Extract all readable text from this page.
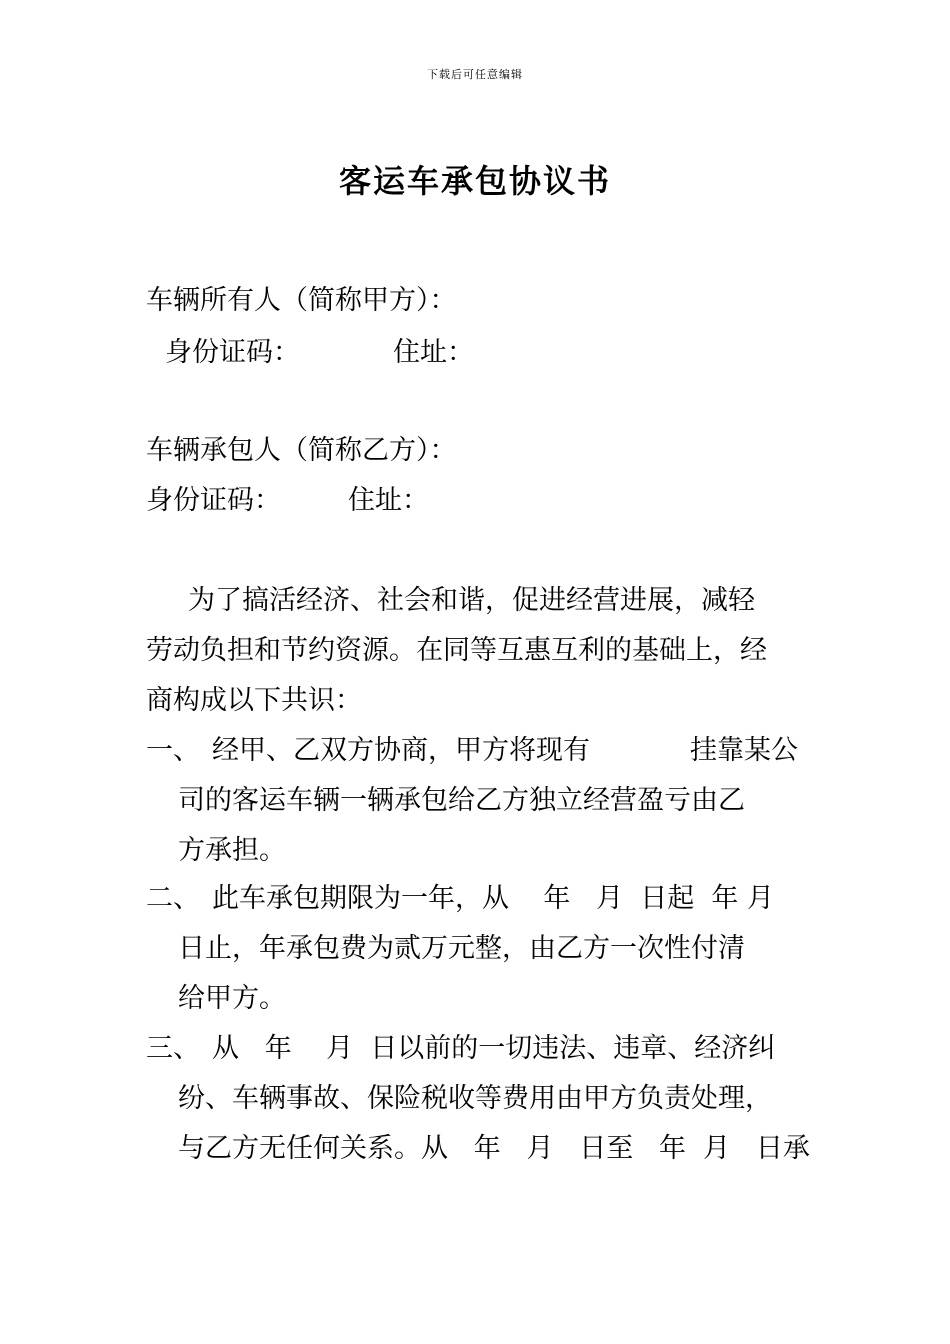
下载后可任意编辑
客运车承包协议书
车辆所有人（简称甲方）：
身份证码：	住址：
车辆承包人（简称乙方）：
身份证码： 住址：
为了搞活经济、社会和谐，促进经营进展，减轻
劳动负担和节约资源。在同等互惠互利的基础上，经
商构成以下共识：
一、 经甲、乙双方协商，甲方将现有	挂靠某公
司的客运车辆一辆承包给乙方独立经营盈亏由乙
方承担。
二、 此车承包期限为一年，从    年   月  日起  年 月
日止，年承包费为贰万元整，由乙方一次性付清
给甲方。
三、 从   年    月  日以前的一切违法、违章、经济纠
纷、车辆事故、保险税收等费用由甲方负责处理，
与乙方无任何关系。从   年   月   日至   年  月   日承
